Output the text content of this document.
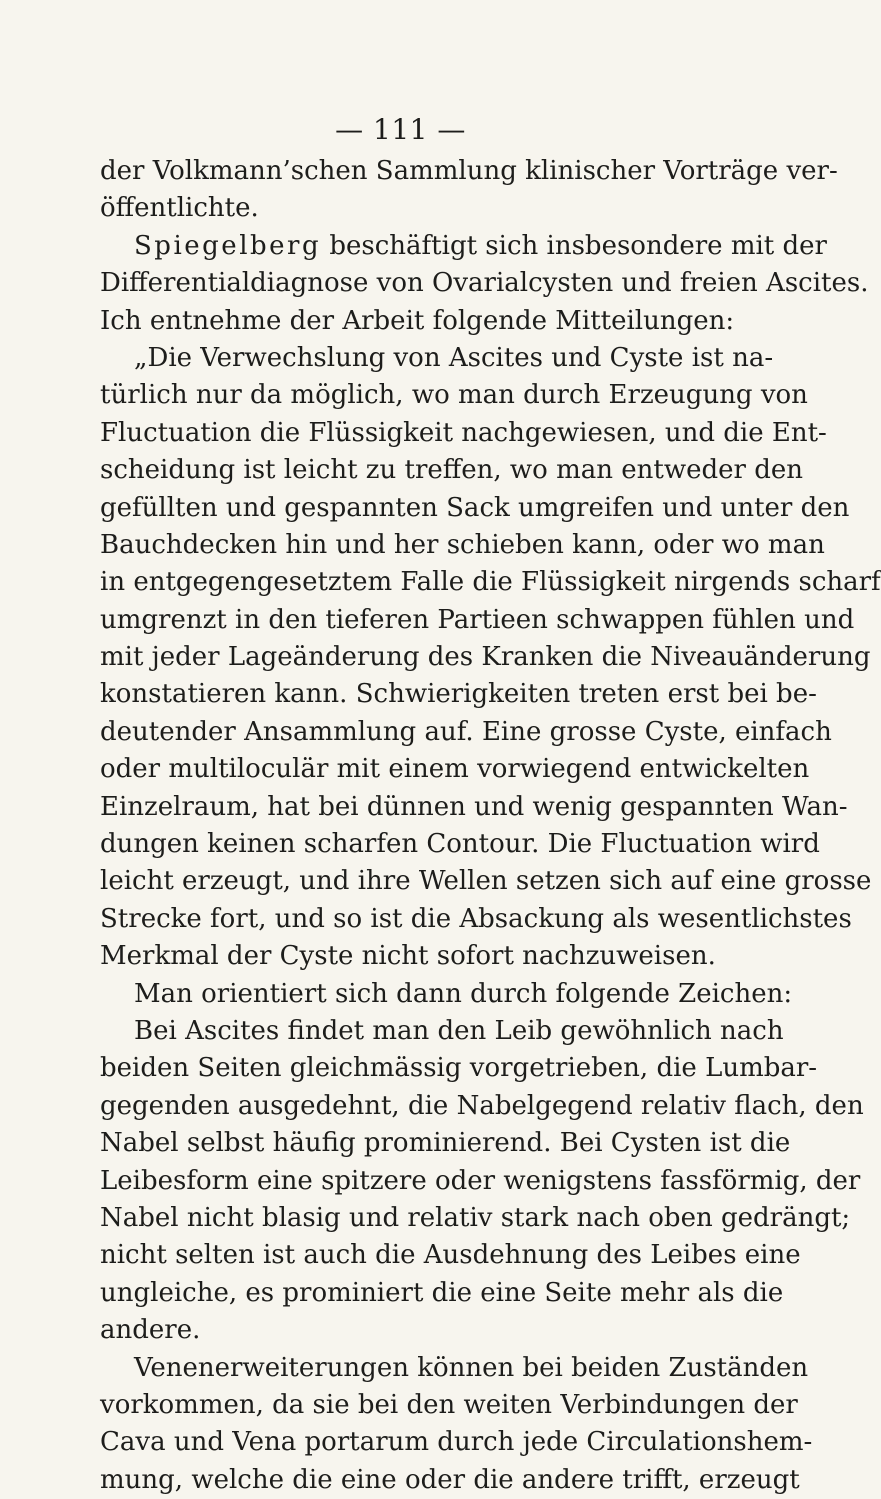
— 111 —
der Volkmann’schen Sammlung klinischer Vorträge ver-
öffentlichte.
Spiegelberg beschäftigt sich insbesondere mit der
Differentialdiagnose von Ovarialcysten und freien Ascites.
Ich entnehme der Arbeit folgende Mitteilungen:
„Die Verwechslung von Ascites und Cyste ist na-
türlich nur da möglich, wo man durch Erzeugung von
Fluctuation die Flüssigkeit nachgewiesen, und die Ent-
scheidung ist leicht zu treffen, wo man entweder den
gefüllten und gespannten Sack umgreifen und unter den
Bauchdecken hin und her schieben kann, oder wo man
in entgegengesetztem Falle die Flüssigkeit nirgends scharf
umgrenzt in den tieferen Partieen schwappen fühlen und
mit jeder Lageänderung des Kranken die Niveauänderung
konstatieren kann. Schwierigkeiten treten erst bei be-
deutender Ansammlung auf. Eine grosse Cyste, einfach
oder multiloculär mit einem vorwiegend entwickelten
Einzelraum, hat bei dünnen und wenig gespannten Wan-
dungen keinen scharfen Contour. Die Fluctuation wird
leicht erzeugt, und ihre Wellen setzen sich auf eine grosse
Strecke fort, und so ist die Absackung als wesentlichstes
Merkmal der Cyste nicht sofort nachzuweisen.
Man orientiert sich dann durch folgende Zeichen:
Bei Ascites findet man den Leib gewöhnlich nach
beiden Seiten gleichmässig vorgetrieben, die Lumbar-
gegenden ausgedehnt, die Nabelgegend relativ flach, den
Nabel selbst häufig prominierend. Bei Cysten ist die
Leibesform eine spitzere oder wenigstens fassförmig, der
Nabel nicht blasig und relativ stark nach oben gedrängt;
nicht selten ist auch die Ausdehnung des Leibes eine
ungleiche, es prominiert die eine Seite mehr als die
andere.
Venenerweiterungen können bei beiden Zuständen
vorkommen, da sie bei den weiten Verbindungen der
Cava und Vena portarum durch jede Circulationshem-
mung, welche die eine oder die andere trifft, erzeugt
